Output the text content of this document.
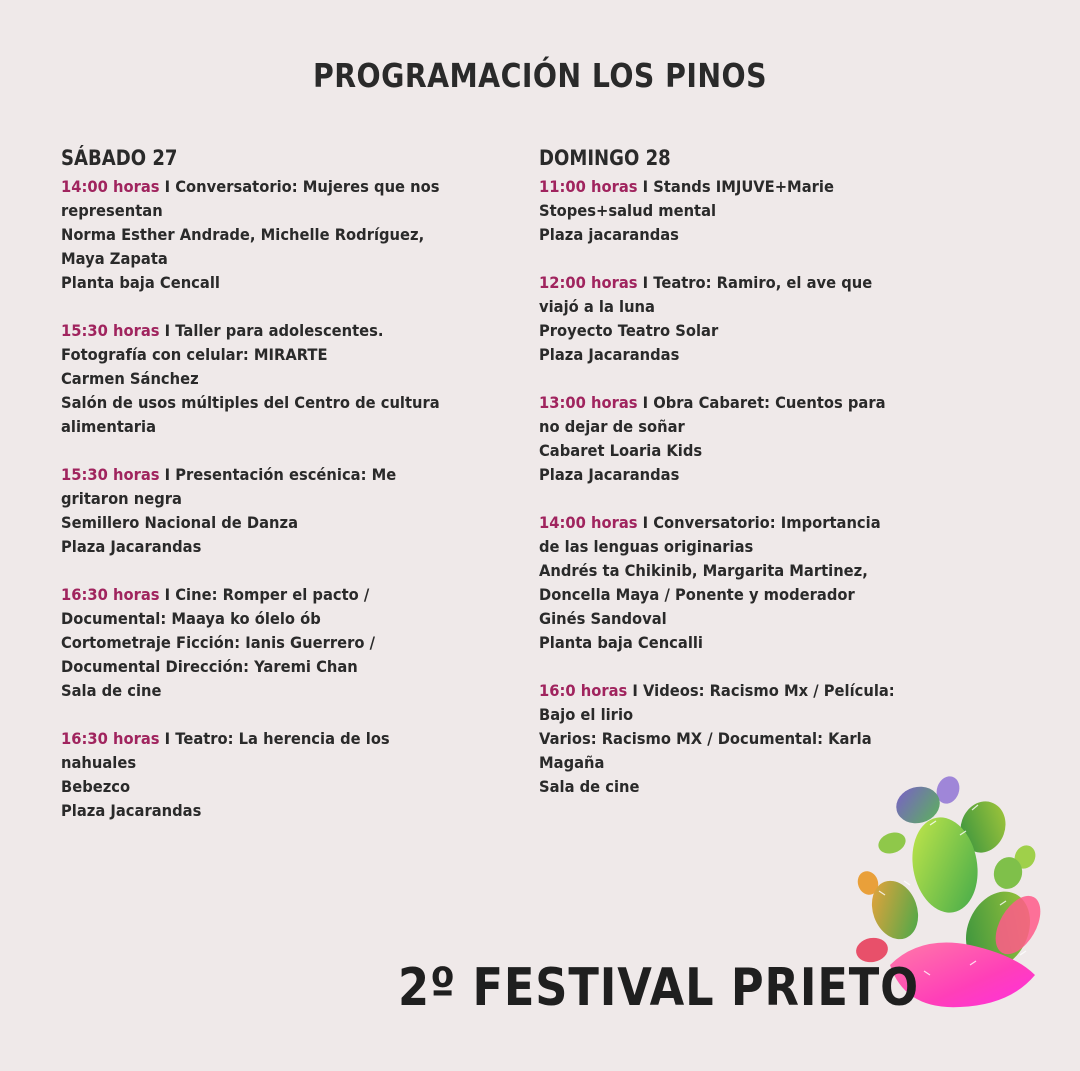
PROGRAMACIÓN LOS PINOS
SÁBADO 27
14:00 horas I Conversatorio: Mujeres que nos
representan
Norma Esther Andrade, Michelle Rodríguez,
Maya Zapata
Planta baja Cencall
15:30 horas I Taller para adolescentes.
Fotografía con celular: MIRARTE
Carmen Sánchez
Salón de usos múltiples del Centro de cultura
alimentaria
15:30 horas I Presentación escénica: Me
gritaron negra
Semillero Nacional de Danza
Plaza Jacarandas
16:30 horas I Cine: Romper el pacto /
Documental: Maaya ko ólelo ób
Cortometraje Ficción: Ianis Guerrero /
Documental Dirección: Yaremi Chan
Sala de cine
16:30 horas I Teatro: La herencia de los
nahuales
Bebezco
Plaza Jacarandas
DOMINGO 28
11:00 horas I Stands IMJUVE+Marie
Stopes+salud mental
Plaza jacarandas
12:00 horas I Teatro: Ramiro, el ave que
viajó a la luna
Proyecto Teatro Solar
Plaza Jacarandas
13:00 horas I Obra Cabaret: Cuentos para
no dejar de soñar
Cabaret Loaria Kids
Plaza Jacarandas
14:00 horas I Conversatorio: Importancia
de las lenguas originarias
Andrés ta Chikinib, Margarita Martinez,
Doncella Maya / Ponente y moderador
Ginés Sandoval
Planta baja Cencalli
16:0 horas I Videos: Racismo Mx / Película:
Bajo el lirio
Varios: Racismo MX / Documental: Karla
Magaña
Sala de cine
2º FESTIVAL PRIETO
